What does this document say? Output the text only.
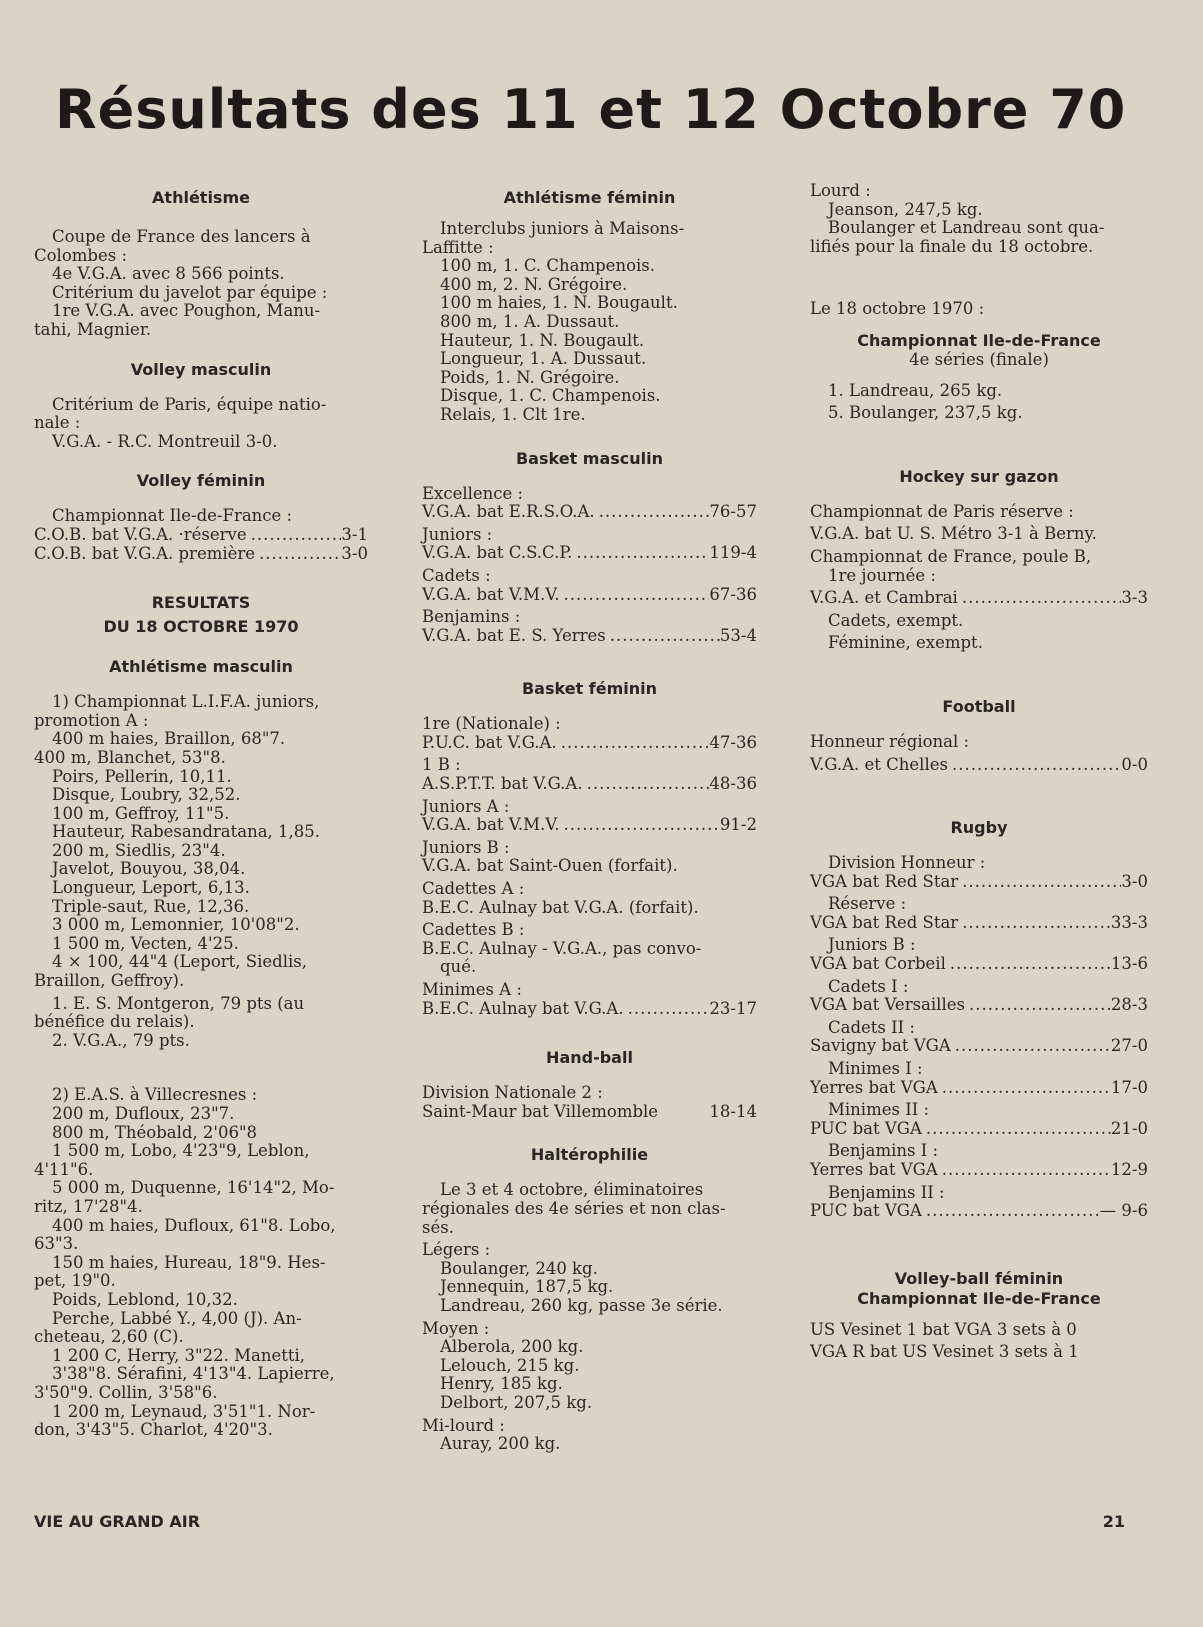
Résultats des 11 et 12 Octobre 70
Athlétisme
Coupe de France des lancers à
Colombes :
4e V.G.A. avec 8 566 points.
Critérium du javelot par équipe :
1re V.G.A. avec Poughon, Manu-
tahi, Magnier.
Volley masculin
Critérium de Paris, équipe natio-
nale :
V.G.A. - R.C. Montreuil 3-0.
Volley féminin
Championnat Ile-de-France :
C.O.B. bat V.G.A. ·réserve .....	3-1
C.O.B. bat V.G.A. première .....	3-0
RESULTATS
DU 18 OCTOBRE 1970
Athlétisme masculin
1) Championnat L.I.F.A. juniors,
promotion A :
400 m haies, Braillon, 68"7.
400 m, Blanchet, 53"8.
Poirs, Pellerin, 10,11.
Disque, Loubry, 32,52.
100 m, Geffroy, 11"5.
Hauteur, Rabesandratana, 1,85.
200 m, Siedlis, 23"4.
Javelot, Bouyou, 38,04.
Longueur, Leport, 6,13.
Triple-saut, Rue, 12,36.
3 000 m, Lemonnier, 10'08"2.
1 500 m, Vecten, 4'25.
4 × 100, 44"4 (Leport, Siedlis,
Braillon, Geffroy).
1. E. S. Montgeron, 79 pts (au
bénéfice du relais).
2. V.G.A., 79 pts.
2) E.A.S. à Villecresnes :
200 m, Dufloux, 23"7.
800 m, Théobald, 2'06"8
1 500 m, Lobo, 4'23"9, Leblon,
4'11"6.
5 000 m, Duquenne, 16'14"2, Mo-
ritz, 17'28"4.
400 m haies, Dufloux, 61"8. Lobo,
63"3.
150 m haies, Hureau, 18"9. Hes-
pet, 19"0.
Poids, Leblond, 10,32.
Perche, Labbé Y., 4,00 (J). An-
cheteau, 2,60 (C).
1 200 C, Herry, 3"22. Manetti,
3'38"8. Sérafini, 4'13"4. Lapierre,
3'50"9. Collin, 3'58"6.
1 200 m, Leynaud, 3'51"1. Nor-
don, 3'43"5. Charlot, 4'20"3.
Athlétisme féminin
Interclubs juniors à Maisons-
Laffitte :
100 m, 1. C. Champenois.
400 m, 2. N. Grégoire.
100 m haies, 1. N. Bougault.
800 m, 1. A. Dussaut.
Hauteur, 1. N. Bougault.
Longueur, 1. A. Dussaut.
Poids, 1. N. Grégoire.
Disque, 1. C. Champenois.
Relais, 1. Clt 1re.
Basket masculin
Excellence :
V.G.A. bat E.R.S.O.A. .....	76-57
Juniors :
V.G.A. bat C.S.C.P. .....	119-4
Cadets :
V.G.A. bat V.M.V. .....	67-36
Benjamins :
V.G.A. bat E. S. Yerres .....	53-4
Basket féminin
1re (Nationale) :
P.U.C. bat V.G.A. .....	47-36
1 B :
A.S.P.T.T. bat V.G.A. .....	48-36
Juniors A :
V.G.A. bat V.M.V. .....	91-2
Juniors B :
V.G.A. bat Saint-Ouen (forfait).
Cadettes A :
B.E.C. Aulnay bat V.G.A. (forfait).
Cadettes B :
B.E.C. Aulnay - V.G.A., pas convo-
qué.
Minimes A :
B.E.C. Aulnay bat V.G.A. .....	23-17
Hand-ball
Division Nationale 2 :
Saint-Maur bat Villemomble	18-14
Haltérophilie
Le 3 et 4 octobre, éliminatoires
régionales des 4e séries et non clas-
sés.
Légers :
Boulanger, 240 kg.
Jennequin, 187,5 kg.
Landreau, 260 kg, passe 3e série.
Moyen :
Alberola, 200 kg.
Lelouch, 215 kg.
Henry, 185 kg.
Delbort, 207,5 kg.
Mi-lourd :
Auray, 200 kg.
Lourd :
Jeanson, 247,5 kg.
Boulanger et Landreau sont qua-
lifiés pour la finale du 18 octobre.
Le 18 octobre 1970 :
Championnat Ile-de-France
4e séries (finale)
1. Landreau, 265 kg.
5. Boulanger, 237,5 kg.
Hockey sur gazon
Championnat de Paris réserve :
V.G.A. bat U. S. Métro 3-1 à Berny.
Championnat de France, poule B,
1re journée :
V.G.A. et Cambrai .....	3-3
Cadets, exempt.
Féminine, exempt.
Football
Honneur régional :
V.G.A. et Chelles .....	0-0
Rugby
Division Honneur :
VGA bat Red Star .....	3-0
Réserve :
VGA bat Red Star .....	33-3
Juniors B :
VGA bat Corbeil .....	13-6
Cadets I :
VGA bat Versailles .....	28-3
Cadets II :
Savigny bat VGA .....	27-0
Minimes I :
Yerres bat VGA .....	17-0
Minimes II :
PUC bat VGA .....	21-0
Benjamins I :
Yerres bat VGA .....	12-9
Benjamins II :
PUC bat VGA .....	— 9-6
Volley-ball féminin
Championnat Ile-de-France
US Vesinet 1 bat VGA 3 sets à 0
VGA R bat US Vesinet 3 sets à 1
VIE AU GRAND AIR	21
